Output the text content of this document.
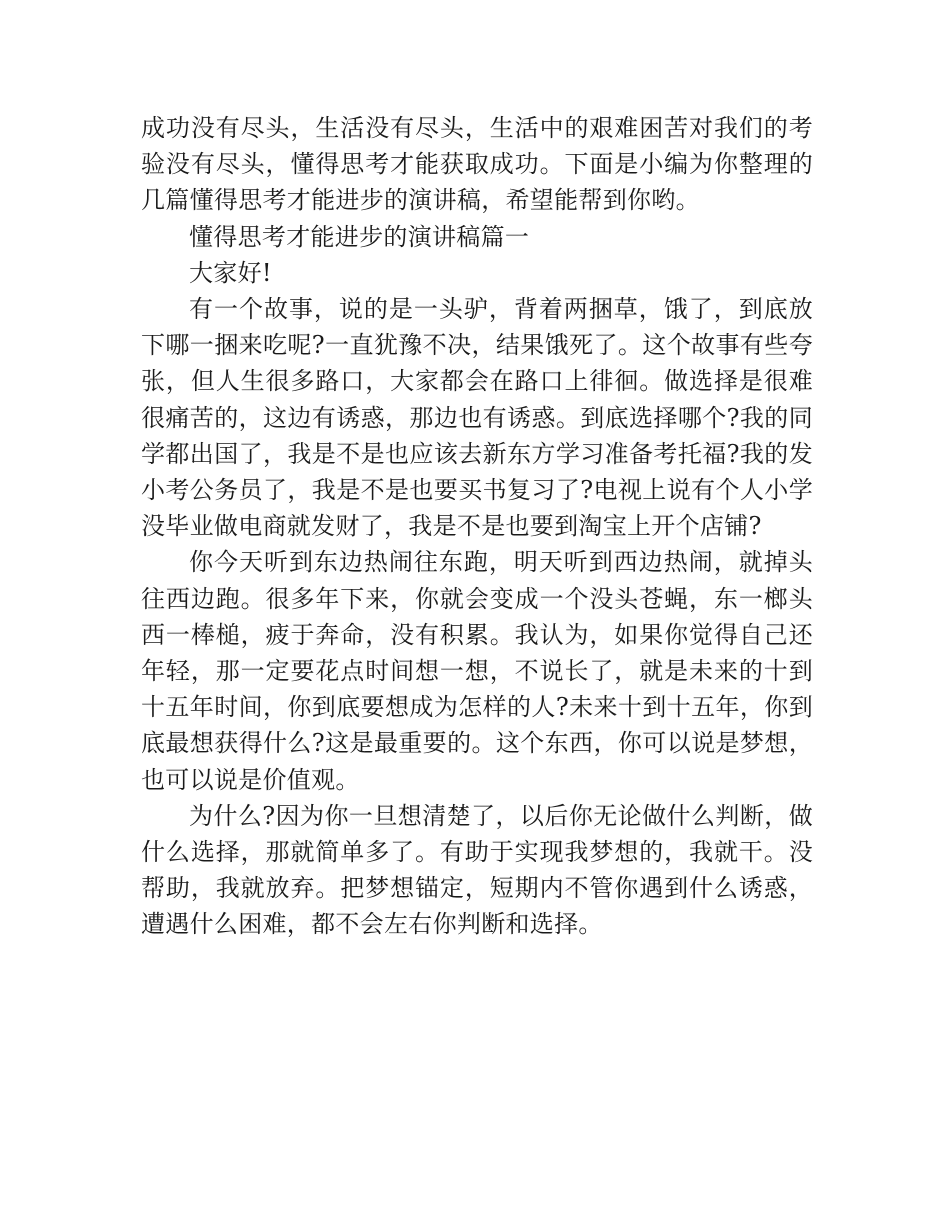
成功没有尽头，生活没有尽头，生活中的艰难困苦对我们的考验没有尽头，懂得思考才能获取成功。下面是小编为你整理的几篇懂得思考才能进步的演讲稿，希望能帮到你哟。

懂得思考才能进步的演讲稿篇一

大家好!

有一个故事，说的是一头驴，背着两捆草，饿了，到底放下哪一捆来吃呢?一直犹豫不决，结果饿死了。这个故事有些夸张，但人生很多路口，大家都会在路口上徘徊。做选择是很难很痛苦的，这边有诱惑，那边也有诱惑。到底选择哪个?我的同学都出国了，我是不是也应该去新东方学习准备考托福?我的发小考公务员了，我是不是也要买书复习了?电视上说有个人小学没毕业做电商就发财了，我是不是也要到淘宝上开个店铺?

你今天听到东边热闹往东跑，明天听到西边热闹，就掉头往西边跑。很多年下来，你就会变成一个没头苍蝇，东一榔头西一棒槌，疲于奔命，没有积累。我认为，如果你觉得自己还年轻，那一定要花点时间想一想，不说长了，就是未来的十到十五年时间，你到底要想成为怎样的人?未来十到十五年，你到底最想获得什么?这是最重要的。这个东西，你可以说是梦想，也可以说是价值观。

为什么?因为你一旦想清楚了，以后你无论做什么判断，做什么选择，那就简单多了。有助于实现我梦想的，我就干。没帮助，我就放弃。把梦想锚定，短期内不管你遇到什么诱惑，遭遇什么困难，都不会左右你判断和选择。
